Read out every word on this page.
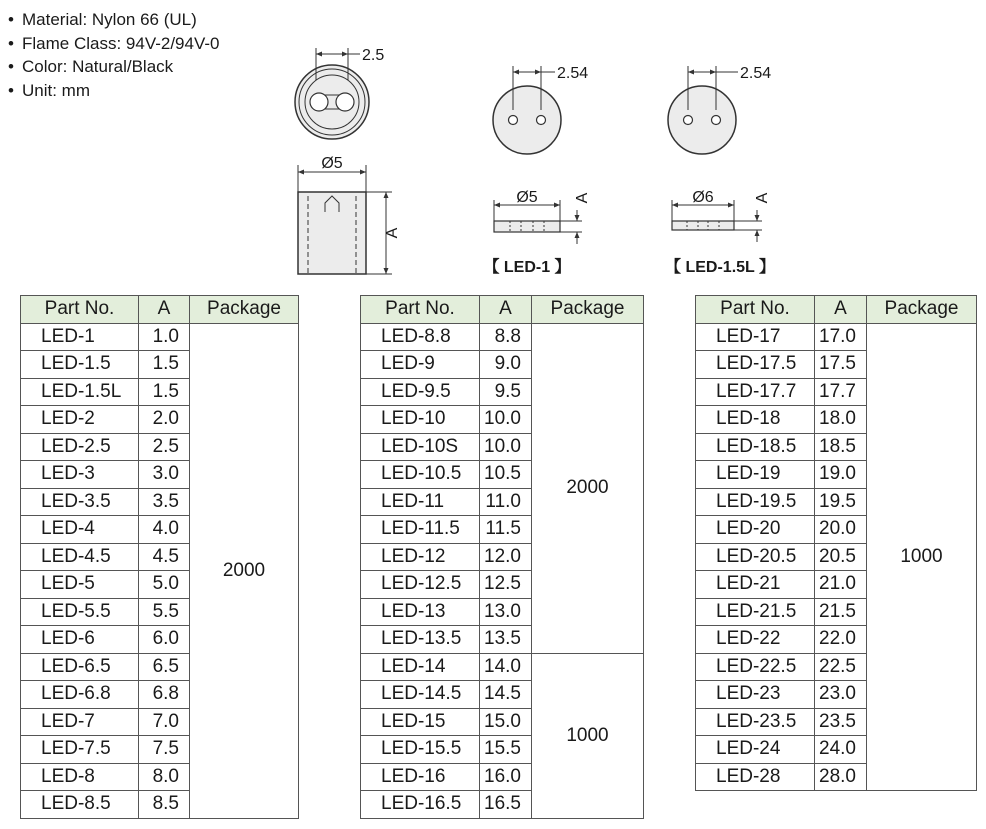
• Material: Nylon 66 (UL)
• Flame Class: 94V-2/94V-0
• Color: Natural/Black
• Unit: mm
2.5
Ø5
A
2.54
Ø5 A
【 LED-1 】
2.54
Ø6	A
【 LED-1.5L 】
Part No.	A	Package
LED-1	1.0	2000
LED-1.5	1.5	
LED-1.5L	1.5	
LED-2	2.0	
LED-2.5	2.5	
LED-3	3.0	
LED-3.5	3.5	
LED-4	4.0	
LED-4.5	4.5	
LED-5	5.0	
LED-5.5	5.5	
LED-6	6.0	
LED-6.5	6.5	
LED-6.8	6.8	
LED-7	7.0	
LED-7.5	7.5	
LED-8	8.0	
LED-8.5	8.5	
Part No.	A	Package
LED-8.8	8.8	2000
LED-9	9.0	
LED-9.5	9.5	
LED-10	10.0	
LED-10S	10.0	
LED-10.5	10.5	
LED-11	11.0	
LED-11.5	11.5	
LED-12	12.0	
LED-12.5	12.5	
LED-13	13.0	
LED-13.5	13.5	
LED-14	14.0	1000
LED-14.5	14.5	
LED-15	15.0	
LED-15.5	15.5	
LED-16	16.0	
LED-16.5	16.5	
Part No.	A	Package
LED-17	17.0	1000
LED-17.5	17.5	
LED-17.7	17.7	
LED-18	18.0	
LED-18.5	18.5	
LED-19	19.0	
LED-19.5	19.5	
LED-20	20.0	
LED-20.5	20.5	
LED-21	21.0	
LED-21.5	21.5	
LED-22	22.0	
LED-22.5	22.5	
LED-23	23.0	
LED-23.5	23.5	
LED-24	24.0	
LED-28	28.0	
